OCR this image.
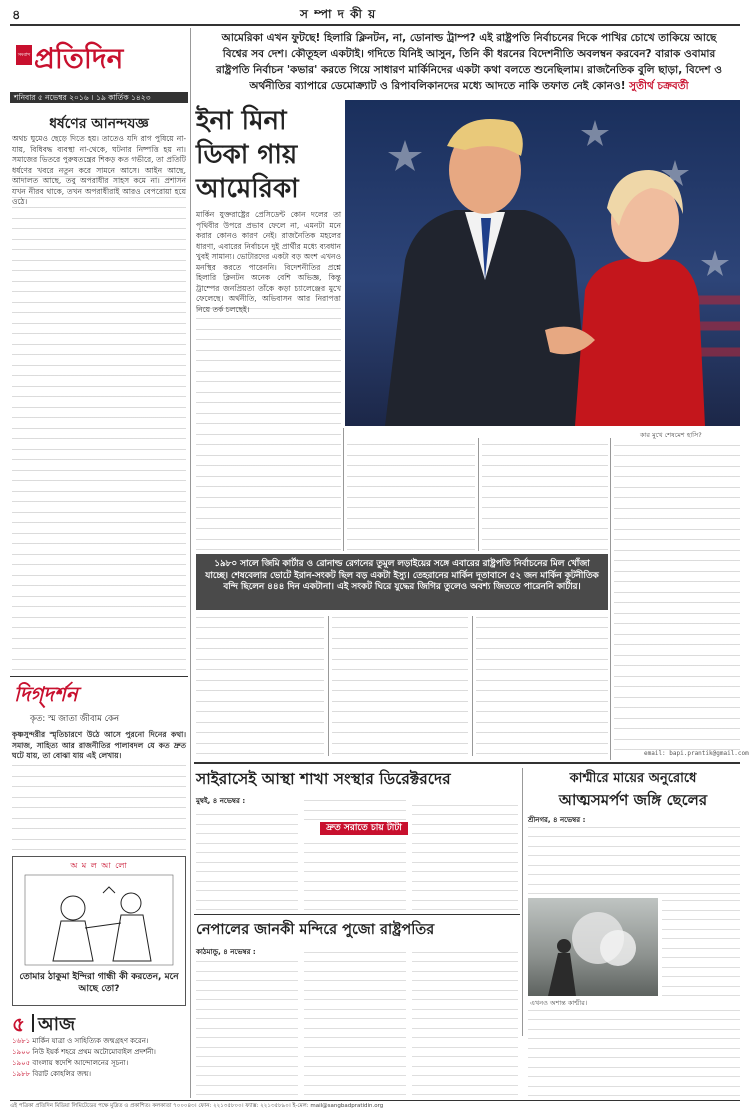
৪	স ম্পা দ কী য়
সংবাদ প্রতিদিন
শনিবার ৫ নভেম্বর ২০১৬ । ১৯ কার্তিক ১৪২৩
আমেরিকা এখন ফুটছে! হিলারি ক্লিনটন, না, ডোনাল্ড ট্রাম্প? এই রাষ্ট্রপতি নির্বাচনের দিকে পাখির চোখে তাকিয়ে আছে
বিশ্বের সব দেশ। কৌতূহল একটাই। গদিতে যিনিই আসুন, তিনি কী ধরনের বিদেশনীতি অবলম্বন করবেন? বারাক ওবামার
রাষ্ট্রপতি নির্বাচন 'কভার' করতে গিয়ে সাধারণ মার্কিনিদের একটা কথা বলতে শুনেছিলাম। রাজনৈতিক বুলি ছাড়া, বিদেশ ও
অর্থনীতির ব্যাপারে ডেমোক্র্যাট ও রিপাবলিকানদের মধ্যে আদতে নাকি তফাত নেই কোনও! সুতীর্থ চক্রবর্তী
ধর্ষণের আনন্দযজ্ঞ
অথচ ঘুমেও ছেড়ে দিতে হয়। তাতেও যদি রাগ পুষিয়ে না-যায়, বিধিবদ্ধ ব্যবস্থা না-থেকে, ঘটনার নিষ্পত্তি হয় না। সমাজের ভিতরে পুরুষতন্ত্রের শিকড় কত গভীরে, তা প্রতিটি ধর্ষণের খবরে নতুন করে সামনে আসে। আইন আছে, আদালত আছে, তবু অপরাধীর সাহস কমে না। প্রশাসন যখন নীরব থাকে, তখন অপরাধীরাই আরও বেপরোয়া হয়ে ওঠে।
দিগ্‌দর্শন
কৃত: স্ম জাতা জীবাম কেন
কৃষ্ণসুন্দরীর স্মৃতিচারণে উঠে আসে পুরনো দিনের কথা। সমাজ, সাহিত্য আর রাজনীতির পালাবদল যে কত দ্রুত ঘটে যায়, তা বোঝা যায় এই লেখায়।
অ ম ল আ লো
তোমার ঠাকুমা ইন্দিরা গান্ধী কী করতেন, মনে আছে তো?
৫ আজ
১৬৮১ মার্কিন যাত্রা ও সাহিত্যিক জন্মগ্রহণ করেন।
১৯০০ নিউ ইয়র্ক শহরে প্রথম অটোমোবাইল প্রদর্শনী।
১৯০৫ বাংলায় স্বদেশি আন্দোলনের সূচনা।
১৯৮৮ বিরাট কোহলির জন্ম।
ইনা মিনা
ডিকা গায়
আমেরিকা
কার মুখে শেষমেশ হাসি?
মার্কিন যুক্তরাষ্ট্রের প্রেসিডেন্ট কোন দলের তা পৃথিবীর উপরে প্রভাব ফেলে না, এমনটা মনে করার কোনও কারণ নেই। রাজনৈতিক মহলের ধারণা, এবারের নির্বাচনে দুই প্রার্থীর মধ্যে ব্যবধান খুবই সামান্য। ভোটারদের একটা বড় অংশ এখনও মনস্থির করতে পারেননি। বিদেশনীতির প্রশ্নে হিলারি ক্লিনটন অনেক বেশি অভিজ্ঞ, কিন্তু ট্রাম্পের জনপ্রিয়তা তাঁকে কড়া চ্যালেঞ্জের মুখে ফেলেছে। অর্থনীতি, অভিবাসন আর নিরাপত্তা নিয়ে তর্ক চলছেই।
১৯৮০ সালে জিমি কার্টার ও রোনাল্ড রেগনের তুমুল লড়াইয়ের সঙ্গে এবারের রাষ্ট্রপতি নির্বাচনের মিল খোঁজা যাচ্ছে। শেষবেলার ভোটে ইরান-সংকট ছিল বড় একটা ইস্যু। তেহরানের মার্কিন দূতাবাসে ৫২ জন মার্কিন কূটনীতিক বন্দি ছিলেন ৪৪৪ দিন একটানা। এই সংকট ঘিরে যুদ্ধের জিগির তুলেও অবশ্য জিততে পারেননি কার্টার।
email: bapi.prantik@gmail.com
সাইরাসেই আস্থা শাখা সংস্থার ডিরেক্টরদের
মুম্বই, ৪ নভেম্বর :
দ্রুত সরাতে চায় টাটা
কাশ্মীরে মায়ের অনুরোধে
আত্মসমর্পণ জঙ্গি ছেলের
শ্রীনগর, ৪ নভেম্বর :
এখনও অশান্ত কাশ্মীর।
নেপালের জানকী মন্দিরে পুজো রাষ্ট্রপতির
কাঠমান্ডু, ৪ নভেম্বর :
এই পত্রিকা প্রতিদিন মিডিয়া লিমিটেডের পক্ষে মুদ্রিত ও প্রকাশিত। কলকাতা ৭০০০৪৩। ফোন: ২২১৩৫৮০০। ফ্যাক্স: ২২১৩৫৮৯০। ই-মেল: mail@sangbadpratidin.org
